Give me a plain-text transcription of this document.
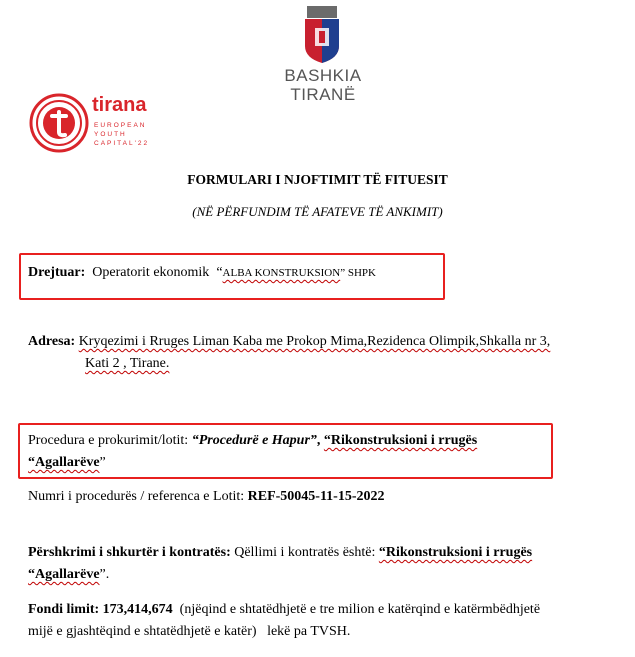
BASHKIA
TIRANË
tirana
EUROPEAN
YOUTH
CAPITAL'22
FORMULARI I NJOFTIMIT TË FITUESIT
(NË PËRFUNDIM TË AFATEVE TË ANKIMIT)
Drejtuar: Operatorit ekonomik “ALBA KONSTRUKSION” SHPK
Adresa: Kryqezimi i Rruges Liman Kaba me Prokop Mima,Rezidenca Olimpik,Shkalla nr 3,
Kati 2 , Tirane.
Procedura e prokurimit/lotit: “Procedurë e Hapur”, “Rikonstruksioni i rrugës
“Agallarëve”
Numri i procedurës / referenca e Lotit: REF-50045-11-15-2022
Përshkrimi i shkurtër i kontratës: Qëllimi i kontratës është: “Rikonstruksioni i rrugës
“Agallarëve”.
Fondi limit: 173,414,674 (njëqind e shtatëdhjetë e tre milion e katërqind e katërmbëdhjetë
mijë e gjashtëqind e shtatëdhjetë e katër)   lekë pa TVSH.
